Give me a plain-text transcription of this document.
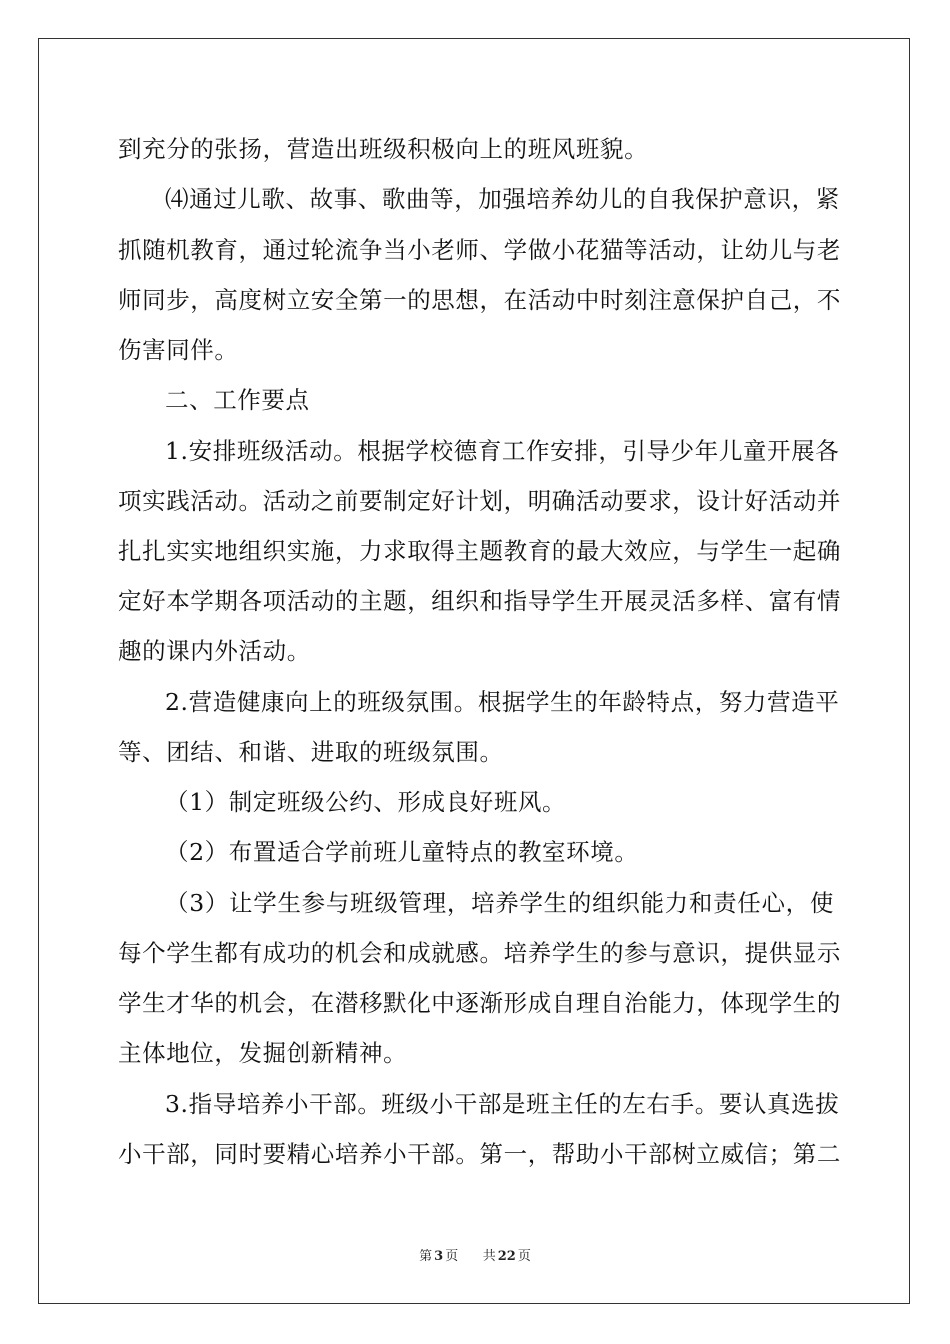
到充分的张扬，营造出班级积极向上的班风班貌。
⑷通过儿歌、故事、歌曲等，加强培养幼儿的自我保护意识，紧
抓随机教育，通过轮流争当小老师、学做小花猫等活动，让幼儿与老
师同步，高度树立安全第一的思想，在活动中时刻注意保护自己，不
伤害同伴。
二、工作要点
1.安排班级活动。根据学校德育工作安排，引导少年儿童开展各
项实践活动。活动之前要制定好计划，明确活动要求，设计好活动并
扎扎实实地组织实施，力求取得主题教育的最大效应，与学生一起确
定好本学期各项活动的主题，组织和指导学生开展灵活多样、富有情
趣的课内外活动。
2.营造健康向上的班级氛围。根据学生的年龄特点，努力营造平
等、团结、和谐、进取的班级氛围。
（1）制定班级公约、形成良好班风。
（2）布置适合学前班儿童特点的教室环境。
（3）让学生参与班级管理，培养学生的组织能力和责任心，使
每个学生都有成功的机会和成就感。培养学生的参与意识，提供显示
学生才华的机会，在潜移默化中逐渐形成自理自治能力，体现学生的
主体地位，发掘创新精神。
3.指导培养小干部。班级小干部是班主任的左右手。要认真选拔
小干部，同时要精心培养小干部。第一，帮助小干部树立威信；第二
第 3 页 共 22 页
